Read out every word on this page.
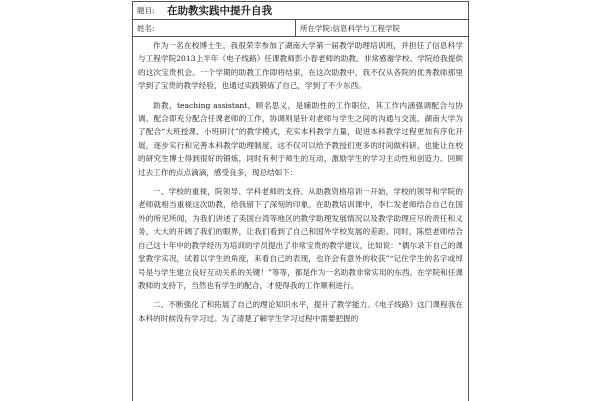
题目:	在助教实践中提升自我
姓名:	所在学院:信息科学与工程学院

作为一名在校博士生，我很荣幸参加了湖南大学第一届教学助理培训班，并担任了信息科学与工程学院2013上半年《电子线路》任课教师彭小春老师的助教。非常感谢学校、学院给我提供的这次宝贵机会。一个学期的助教工作即将结束，在这次助教中，我不仅从各院的优秀教师那里学到了宝贵的教学经验，也通过实践锻炼了自己，学到了不少东西。

助教，teaching assistant，顾名思义，是辅助性的工作职位，其工作内涵强调配合与协调。配合即充分配合任课老师的工作，协调则是针对老师与学生之间的沟通与交流。湖南大学为了配合“大班授课、小班研讨”的教学模式，充实本科教学力量，促进本科教学过程更加有序化开展，逐步实行和完善本科教学助理制度。这不仅可以给予教授们更多的时间做科研，也能让在校的研究生博士得到很好的锻炼，同时有利于师生的互动，激励学生的学习主动性和创造力。回顾过去工作的点点滴滴，感受良多，现总结如下：

一、学校的重视，院领导、学科老师的支持。从助教资格培训一开始，学校的领导和学院的老师就相当重视这次助教，给我留下了深刻的印象。在助教培训课中，李仁发老师结合自己在国外的所见所闻，为我们讲述了美国台湾等地区的教学助理发展情况以及教学助理应尽的责任和义务，大大的开阔了我们的眼界，让我们看到了自己和国外学校发展的差距。同时，陈恺老师结合自己这十年中的教学经历为培训的学员提出了非常宝贵的教学建议，比如说：“偶尔录下自己的课堂教学实况，试着以学生的角度，来看自己的表现，也许会有意外的收获”“记住学生的名字或绰号是与学生建立良好互动关系的关键！”等等，都是作为一名助教非常实用的东西。在学院和任课教师的支持下，当然也有学生的配合，才使得我的工作顺利进行。

二、不断强化了和拓展了自己的理论知识水平，提升了教学能力。《电子线路》这门课程我在本科的时候没有学习过。为了清楚了解学生学习过程中需要把握的
